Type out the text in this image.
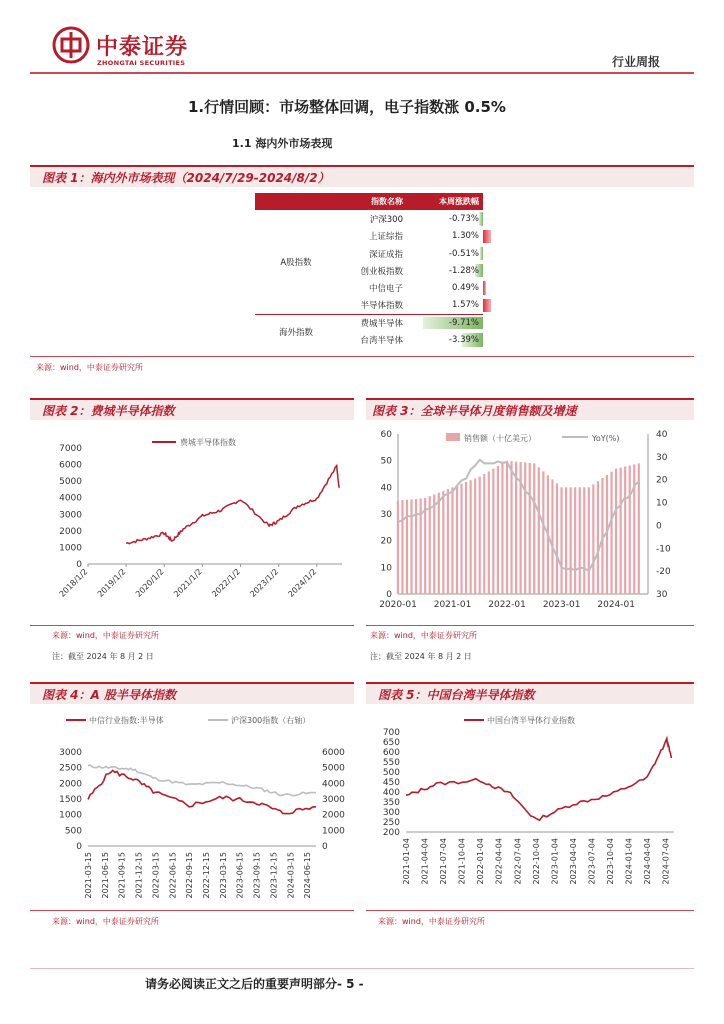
中泰证券
ZHONGTAI SECURITIES	行业周报
1.行情回顾：市场整体回调，电子指数涨 0.5%
1.1 海内外市场表现
图表 1：海内外市场表现（2024/7/29-2024/8/2）
	指数名称	本周涨跌幅
A股指数	沪深300	-0.73%
	上证综指	1.30%
	深证成指	-0.51%
	创业板指数	-1.28%
	中信电子	0.49%
	半导体指数	1.57%
海外指数	费城半导体	-9.71%
	台湾半导体	-3.39%
来源：wind，中泰证券研究所
图表 2：费城半导体指数
费城半导体指数
0
1000
2000
3000
4000
5000
6000
7000
2018/1/2 2019/1/2 2020/1/2 2021/1/2 2022/1/2 2023/1/2 2024/1/2
来源：wind，中泰证券研究所
注：截至 2024 年 8 月 2 日
图表 3：全球半导体月度销售额及增速
销售额（十亿美元）	YoY(%)
0
10
20
30
40
50
60	40
30
20
10
0
-10
-20
30
2020-01 2021-01 2022-01 2023-01 2024-01
来源：wind，中泰证券研究所
注：截至 2024 年 8 月 2 日
图表 4：A 股半导体指数
中信行业指数:半导体	沪深300指数（右轴）
0
500
1000
1500
2000
2500
3000
0
1000
2000
3000
4000
5000
6000
2021-03-15 2021-06-15 2021-09-15 2021-12-15 2022-03-15 2022-06-15 2022-09-15 2022-12-15 2023-03-15 2023-06-15 2023-09-15 2023-12-15 2024-03-15 2024-06-15
来源：wind，中泰证券研究所
图表 5：中国台湾半导体指数
中国台湾半导体行业指数
200
250
300
350
400
450
500
550
600
650
700
2021-01-04 2021-04-04 2021-07-04 2021-10-04 2022-01-04 2022-04-04 2022-07-04 2022-10-04 2023-01-04 2023-04-04 2023-07-04 2023-10-04 2024-01-04 2024-04-04 2024-07-04
来源：wind，中泰证券研究所
请务必阅读正文之后的重要声明部分- 5 -
